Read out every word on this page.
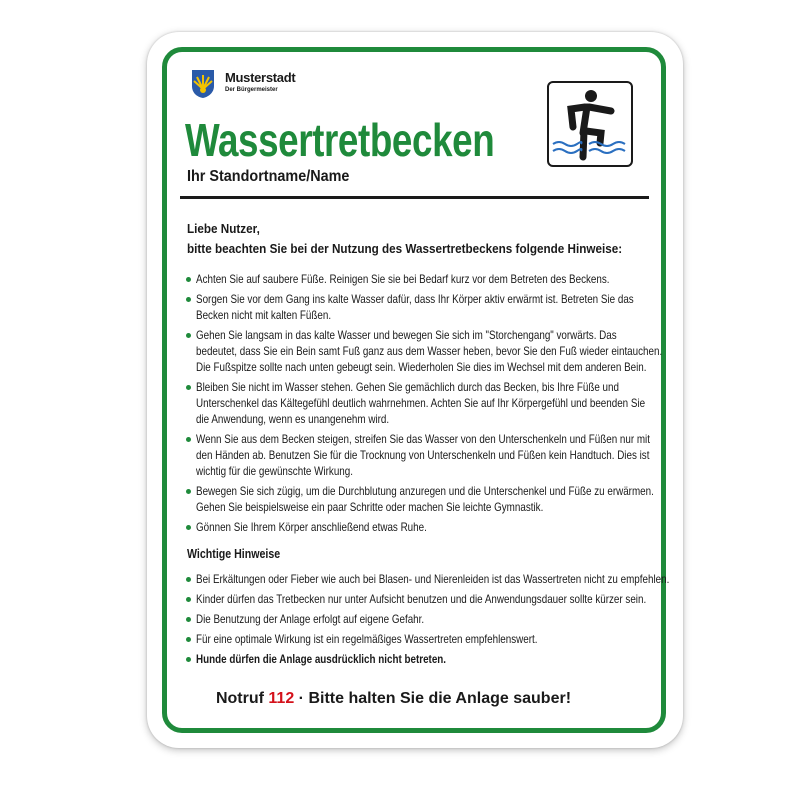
Musterstadt
Der Bürgermeister
Wassertretbecken
Ihr Standortname/Name
Liebe Nutzer,
bitte beachten Sie bei der Nutzung des Wassertretbeckens folgende Hinweise:
Achten Sie auf saubere Füße. Reinigen Sie sie bei Bedarf kurz vor dem Betreten des Beckens.
Sorgen Sie vor dem Gang ins kalte Wasser dafür, dass Ihr Körper aktiv erwärmt ist. Betreten Sie das
Becken nicht mit kalten Füßen.
Gehen Sie langsam in das kalte Wasser und bewegen Sie sich im "Storchengang" vorwärts. Das
bedeutet, dass Sie ein Bein samt Fuß ganz aus dem Wasser heben, bevor Sie den Fuß wieder eintauchen.
Die Fußspitze sollte nach unten gebeugt sein. Wiederholen Sie dies im Wechsel mit dem anderen Bein.
Bleiben Sie nicht im Wasser stehen. Gehen Sie gemächlich durch das Becken, bis Ihre Füße und
Unterschenkel das Kältegefühl deutlich wahrnehmen. Achten Sie auf Ihr Körpergefühl und beenden Sie
die Anwendung, wenn es unangenehm wird.
Wenn Sie aus dem Becken steigen, streifen Sie das Wasser von den Unterschenkeln und Füßen nur mit
den Händen ab. Benutzen Sie für die Trocknung von Unterschenkeln und Füßen kein Handtuch. Dies ist
wichtig für die gewünschte Wirkung.
Bewegen Sie sich zügig, um die Durchblutung anzuregen und die Unterschenkel und Füße zu erwärmen.
Gehen Sie beispielsweise ein paar Schritte oder machen Sie leichte Gymnastik.
Gönnen Sie Ihrem Körper anschließend etwas Ruhe.
Wichtige Hinweise
Bei Erkältungen oder Fieber wie auch bei Blasen- und Nierenleiden ist das Wassertreten nicht zu empfehlen.
Kinder dürfen das Tretbecken nur unter Aufsicht benutzen und die Anwendungsdauer sollte kürzer sein.
Die Benutzung der Anlage erfolgt auf eigene Gefahr.
Für eine optimale Wirkung ist ein regelmäßiges Wassertreten empfehlenswert.
Hunde dürfen die Anlage ausdrücklich nicht betreten.
Notruf 112 · Bitte halten Sie die Anlage sauber!
